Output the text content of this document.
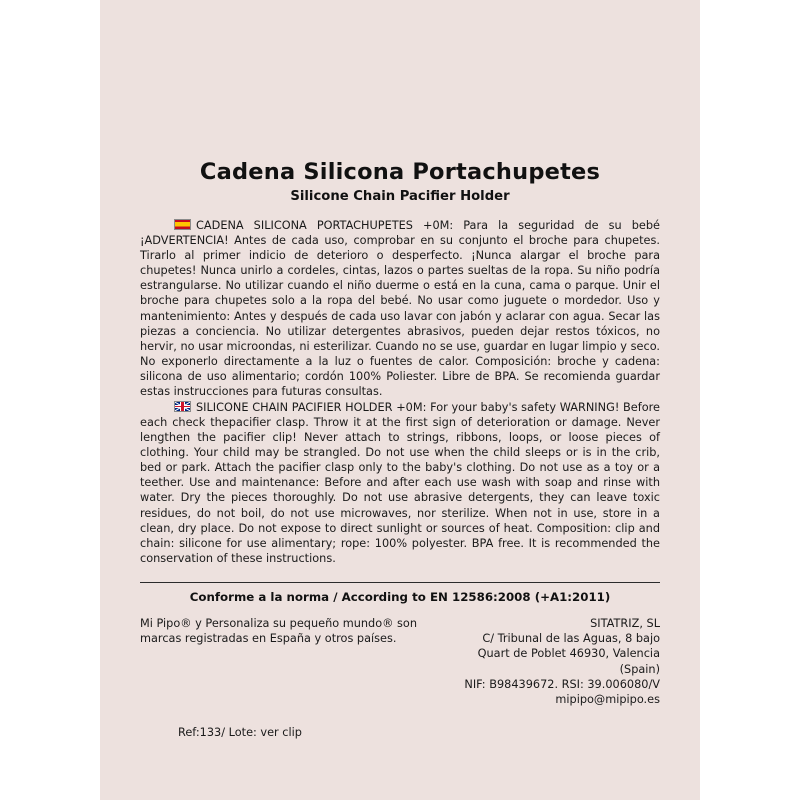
Cadena Silicona Portachupetes
Silicone Chain Pacifier Holder

CADENA SILICONA PORTACHUPETES +0M: Para la seguridad de su bebé ¡ADVERTENCIA! Antes de cada uso, comprobar en su conjunto el broche para chupetes. Tirarlo al primer indicio de deterioro o desperfecto. ¡Nunca alargar el broche para chupetes! Nunca unirlo a cordeles, cintas, lazos o partes sueltas de la ropa. Su niño podría estrangularse. No utilizar cuando el niño duerme o está en la cuna, cama o parque. Unir el broche para chupetes solo a la ropa del bebé. No usar como juguete o mordedor. Uso y mantenimiento: Antes y después de cada uso lavar con jabón y aclarar con agua. Secar las piezas a conciencia. No utilizar detergentes abrasivos, pueden dejar restos tóxicos, no hervir, no usar microondas, ni esterilizar. Cuando no se use, guardar en lugar limpio y seco. No exponerlo directamente a la luz o fuentes de calor. Composición: broche y cadena: silicona de uso alimentario; cordón 100% Poliester. Libre de BPA. Se recomienda guardar estas instrucciones para futuras consultas.

SILICONE CHAIN PACIFIER HOLDER +0M: For your baby's safety WARNING! Before each check thepacifier clasp. Throw it at the first sign of deterioration or damage. Never lengthen the pacifier clip! Never attach to strings, ribbons, loops, or loose pieces of clothing. Your child may be strangled. Do not use when the child sleeps or is in the crib, bed or park. Attach the pacifier clasp only to the baby's clothing. Do not use as a toy or a teether. Use and maintenance: Before and after each use wash with soap and rinse with water. Dry the pieces thoroughly. Do not use abrasive detergents, they can leave toxic residues, do not boil, do not use microwaves, nor sterilize. When not in use, store in a clean, dry place. Do not expose to direct sunlight or sources of heat. Composition: clip and chain: silicone for use alimentary; rope: 100% polyester. BPA free. It is recommended the conservation of these instructions.

Conforme a la norma / According to EN 12586:2008 (+A1:2011)
Mi Pipo® y Personaliza su pequeño mundo® son marcas registradas en España y otros países.
SITATRIZ, SL
C/ Tribunal de las Aguas, 8 bajo
Quart de Poblet 46930, Valencia (Spain)
NIF: B98439672. RSI: 39.006080/V
mipipo@mipipo.es
Ref:133/ Lote: ver clip
